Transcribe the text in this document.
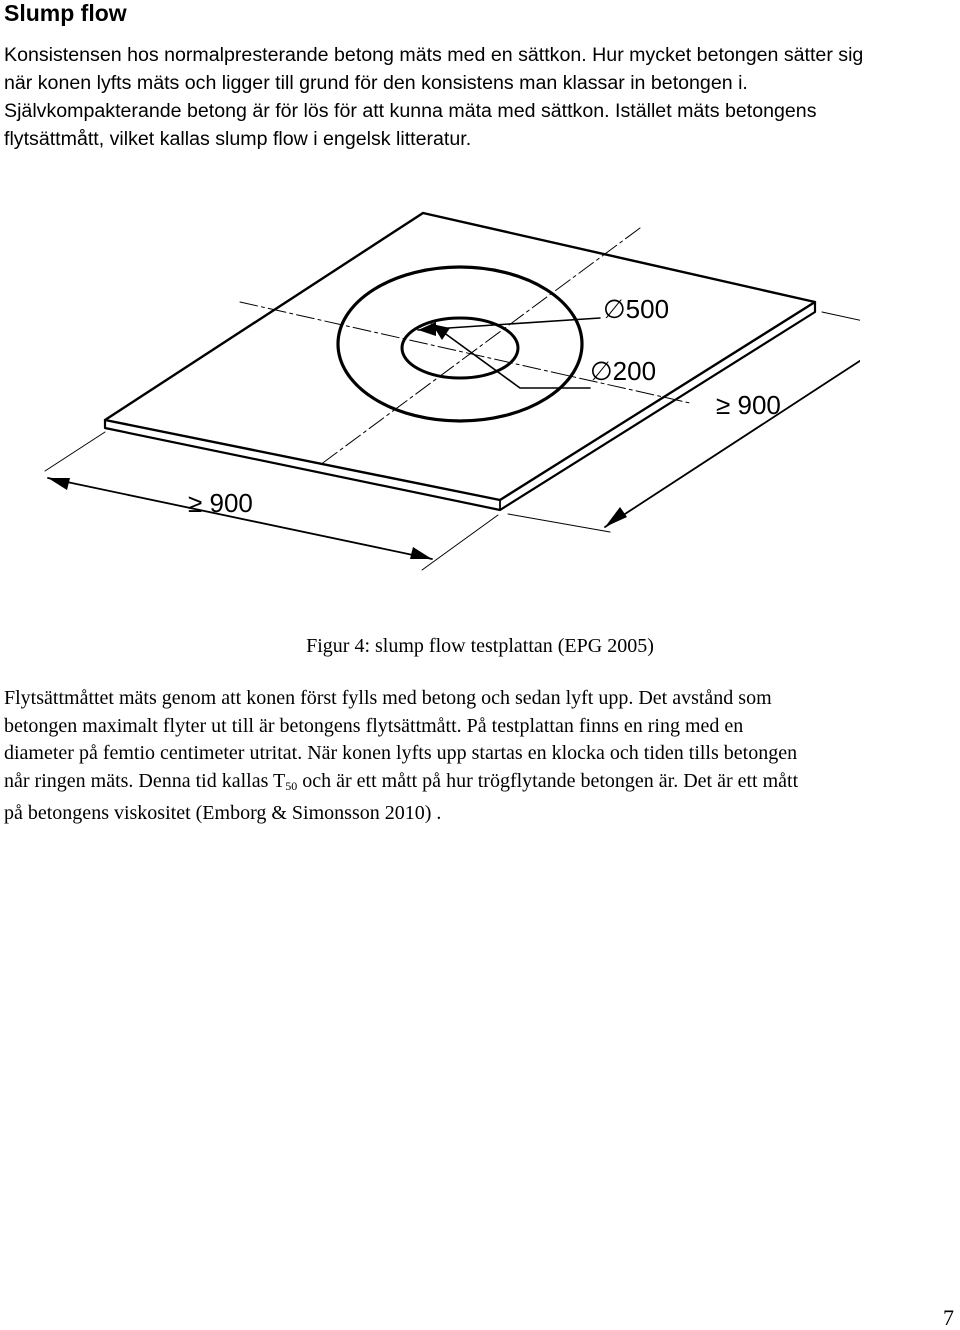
Slump flow

Konsistensen hos normalpresterande betong mäts med en sättkon. Hur mycket betongen sätter sig
när konen lyfts mäts och ligger till grund för den konsistens man klassar in betongen i.
Självkompakterande betong är för lös för att kunna mäta med sättkon. Istället mäts betongens
flytsättmått, vilket kallas slump flow i engelsk litteratur.

∅500
∅200
≥ 900
≥ 900

Figur 4: slump flow testplattan (EPG 2005)

Flytsättmåttet mäts genom att konen först fylls med betong och sedan lyft upp. Det avstånd som
betongen maximalt flyter ut till är betongens flytsättmått. På testplattan finns en ring med en
diameter på femtio centimeter utritat. När konen lyfts upp startas en klocka och tiden tills betongen
når ringen mäts. Denna tid kallas $T_{50}$ och är ett mått på hur trögflytande betongen är. Det är ett mått
på betongens viskositet (Emborg & Simonsson 2010) .

7
